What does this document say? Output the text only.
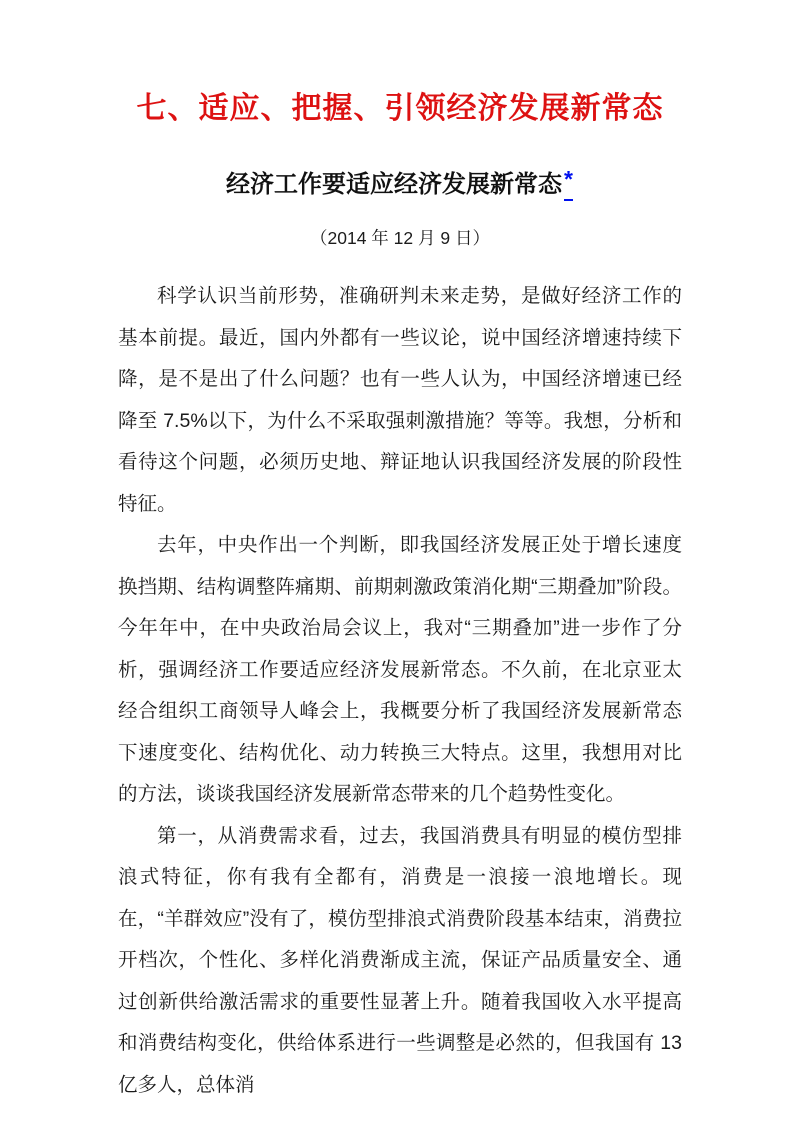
七、适应、把握、引领经济发展新常态
经济工作要适应经济发展新常态*
（2014 年 12 月 9 日）

科学认识当前形势，准确研判未来走势，是做好经济工作的基本前提。最近，国内外都有一些议论，说中国经济增速持续下降，是不是出了什么问题？也有一些人认为，中国经济增速已经降至 7.5%以下，为什么不采取强刺激措施？等等。我想，分析和看待这个问题，必须历史地、辩证地认识我国经济发展的阶段性特征。

去年，中央作出一个判断，即我国经济发展正处于增长速度换挡期、结构调整阵痛期、前期刺激政策消化期“三期叠加”阶段。今年年中，在中央政治局会议上，我对“三期叠加”进一步作了分析，强调经济工作要适应经济发展新常态。不久前，在北京亚太经合组织工商领导人峰会上，我概要分析了我国经济发展新常态下速度变化、结构优化、动力转换三大特点。这里，我想用对比的方法，谈谈我国经济发展新常态带来的几个趋势性变化。

第一，从消费需求看，过去，我国消费具有明显的模仿型排浪式特征，你有我有全都有，消费是一浪接一浪地增长。现在，“羊群效应”没有了，模仿型排浪式消费阶段基本结束，消费拉开档次，个性化、多样化消费渐成主流，保证产品质量安全、通过创新供给激活需求的重要性显著上升。随着我国收入水平提高和消费结构变化，供给体系进行一些调整是必然的，但我国有 13 亿多人，总体消
